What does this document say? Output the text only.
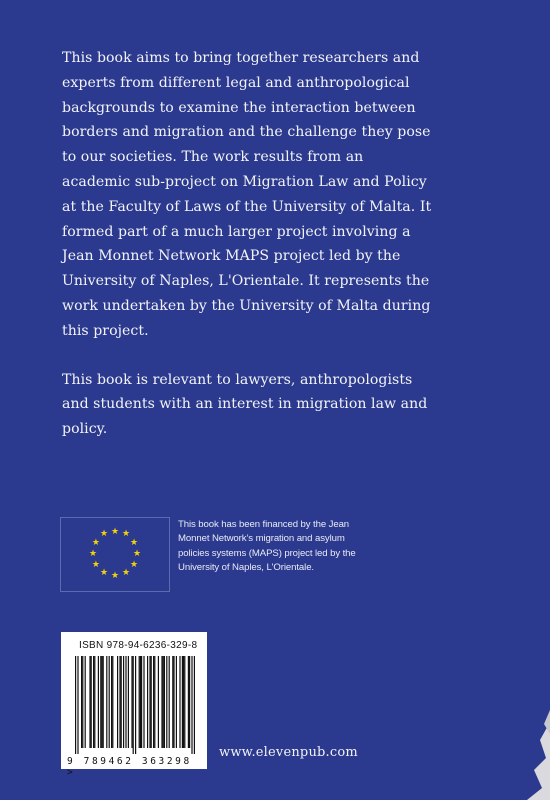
This book aims to bring together researchers and experts from different legal and anthropological backgrounds to examine the interaction between borders and migration and the challenge they pose to our societies. The work results from an academic sub-project on Migration Law and Policy at the Faculty of Laws of the University of Malta. It formed part of a much larger project involving a Jean Monnet Network MAPS project led by the University of Naples, L'Orientale. It represents the work undertaken by the University of Malta during this project.

This book is relevant to lawyers, anthropologists and students with an interest in migration law and policy.

★ ★
★
★
★
★
★
★
★
★
★
★
This book has been financed by the Jean Monnet Network’s migration and asylum policies systems (MAPS) project led by the University of Naples, L'Orientale.
ISBN 978-94-6236-329-8
9 789462 363298 >
www.elevenpub.com
